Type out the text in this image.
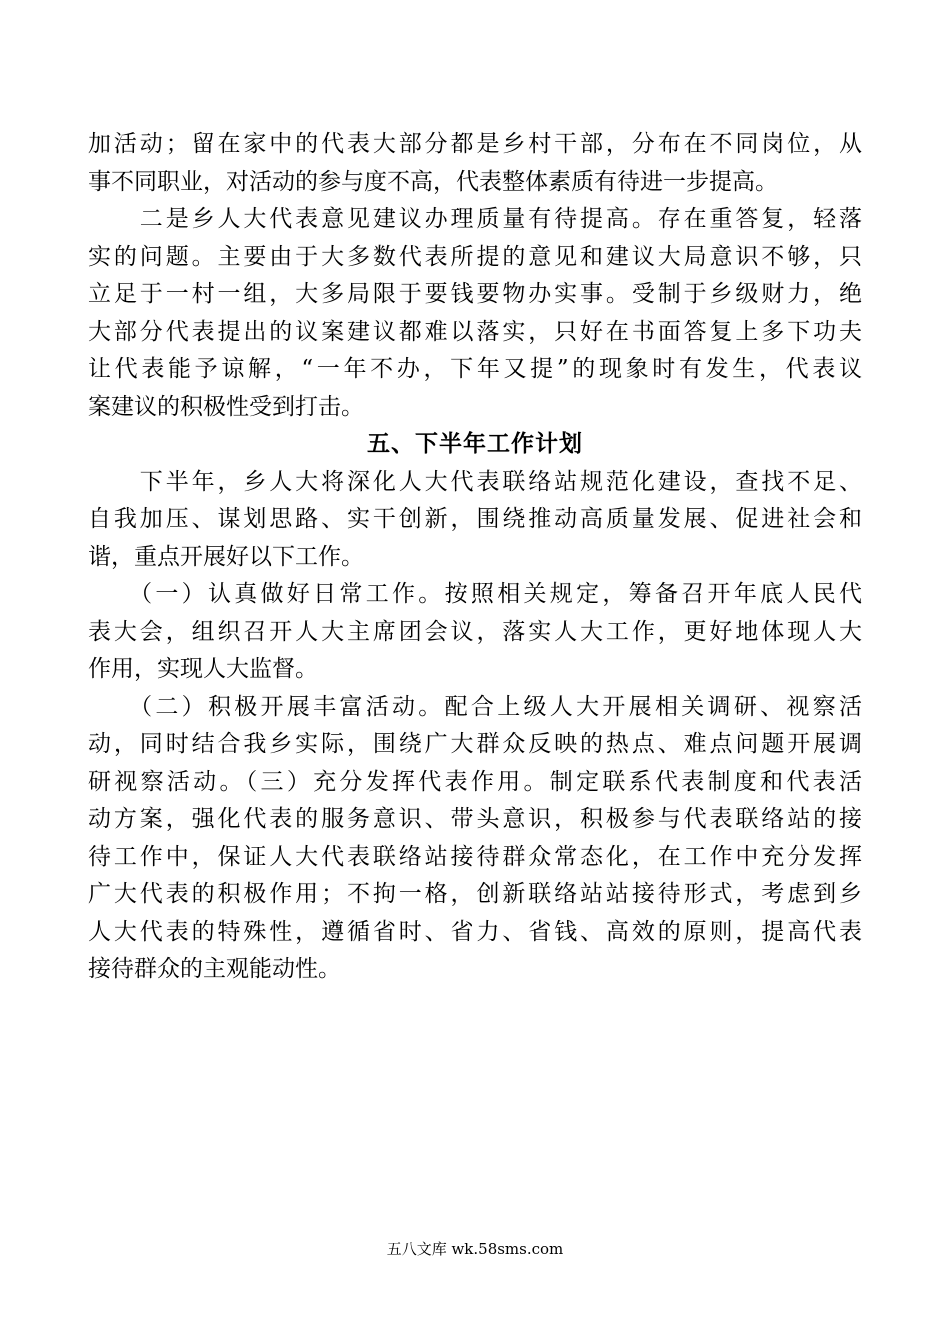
加活动；留在家中的代表大部分都是乡村干部，分布在不同岗位，从
事不同职业，对活动的参与度不高，代表整体素质有待进一步提高。
　　二是乡人大代表意见建议办理质量有待提高。存在重答复，轻落
实的问题。主要由于大多数代表所提的意见和建议大局意识不够，只
立足于一村一组，大多局限于要钱要物办实事。受制于乡级财力，绝
大部分代表提出的议案建议都难以落实，只好在书面答复上多下功夫
让代表能予谅解，“一年不办，下年又提”的现象时有发生，代表议
案建议的积极性受到打击。
五、下半年工作计划
　　下半年，乡人大将深化人大代表联络站规范化建设，查找不足、
自我加压、谋划思路、实干创新，围绕推动高质量发展、促进社会和
谐，重点开展好以下工作。
　　（一）认真做好日常工作。按照相关规定，筹备召开年底人民代
表大会，组织召开人大主席团会议，落实人大工作，更好地体现人大
作用，实现人大监督。
　　（二）积极开展丰富活动。配合上级人大开展相关调研、视察活
动，同时结合我乡实际，围绕广大群众反映的热点、难点问题开展调
研视察活动。（三）充分发挥代表作用。制定联系代表制度和代表活
动方案，强化代表的服务意识、带头意识，积极参与代表联络站的接
待工作中，保证人大代表联络站接待群众常态化，在工作中充分发挥
广大代表的积极作用；不拘一格，创新联络站站接待形式，考虑到乡
人大代表的特殊性，遵循省时、省力、省钱、高效的原则，提高代表
接待群众的主观能动性。
五八文库 wk.58sms.com
